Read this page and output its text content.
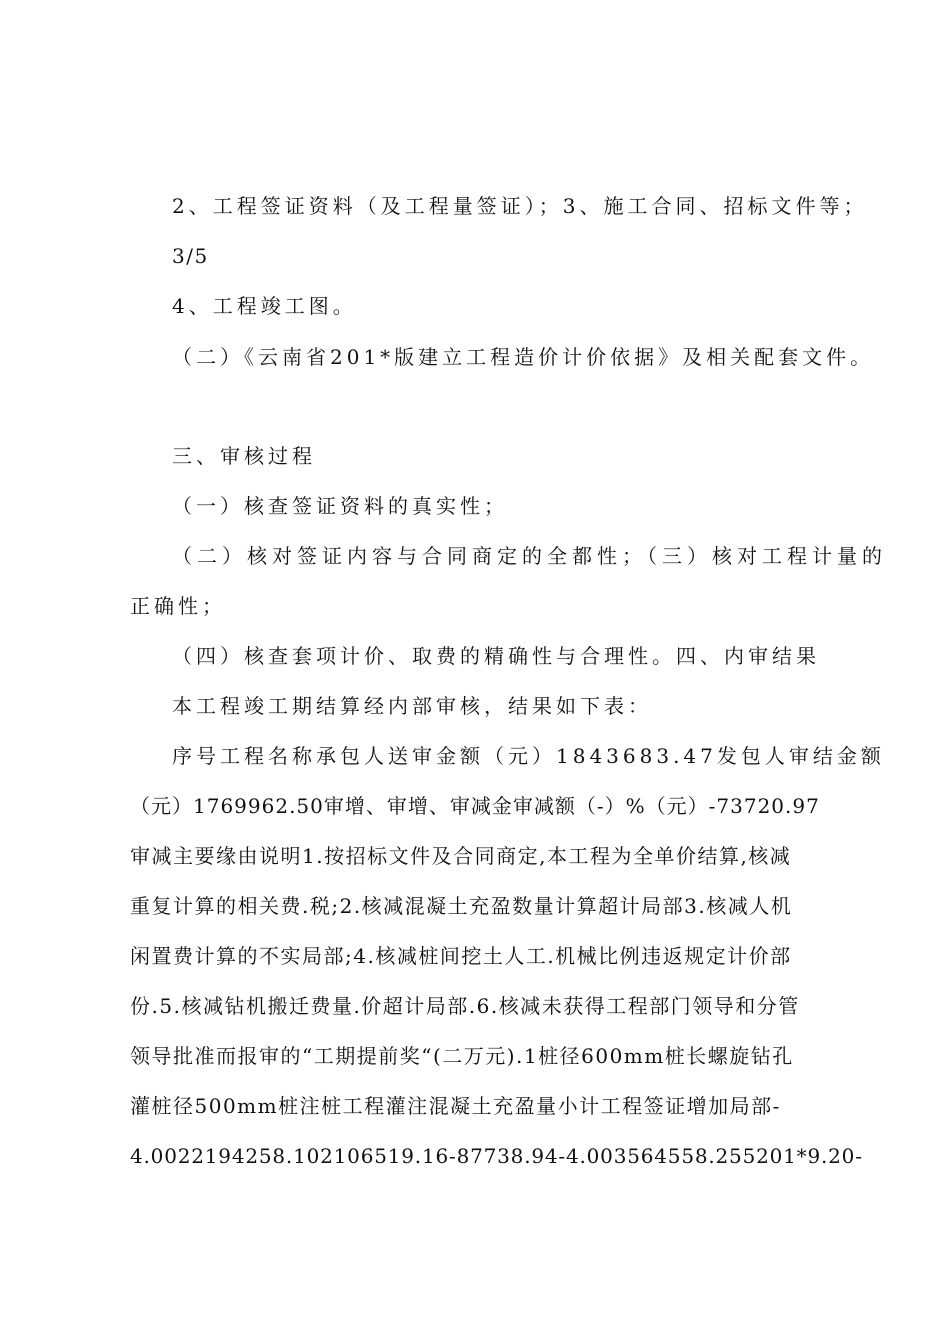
2、工程签证资料（及工程量签证）；3、施工合同、招标文件等；
3/5
4、工程竣工图。
（二）《云南省201*版建立工程造价计价依据》及相关配套文件。
三、审核过程
（一）核查签证资料的真实性；
（二）核对签证内容与合同商定的全都性；（三）核对工程计量的
正确性；
（四）核查套项计价、取费的精确性与合理性。四、内审结果
本工程竣工期结算经内部审核，结果如下表：
序号工程名称承包人送审金额（元）1843683.47发包人审结金额
（元）1769962.50审增、审增、审减金审减额（-）%（元）-73720.97
审减主要缘由说明1.按招标文件及合同商定,本工程为全单价结算,核减
重复计算的相关费.税;2.核减混凝土充盈数量计算超计局部3.核减人机
闲置费计算的不实局部;4.核减桩间挖土人工.机械比例违返规定计价部
份.5.核减钻机搬迁费量.价超计局部.6.核减未获得工程部门领导和分管
领导批准而报审的“工期提前奖“(二万元).1桩径600mm桩长螺旋钻孔
灌桩径500mm桩注桩工程灌注混凝土充盈量小计工程签证增加局部-
4.0022194258.102106519.16-87738.94-4.003564558.255201*9.20-
